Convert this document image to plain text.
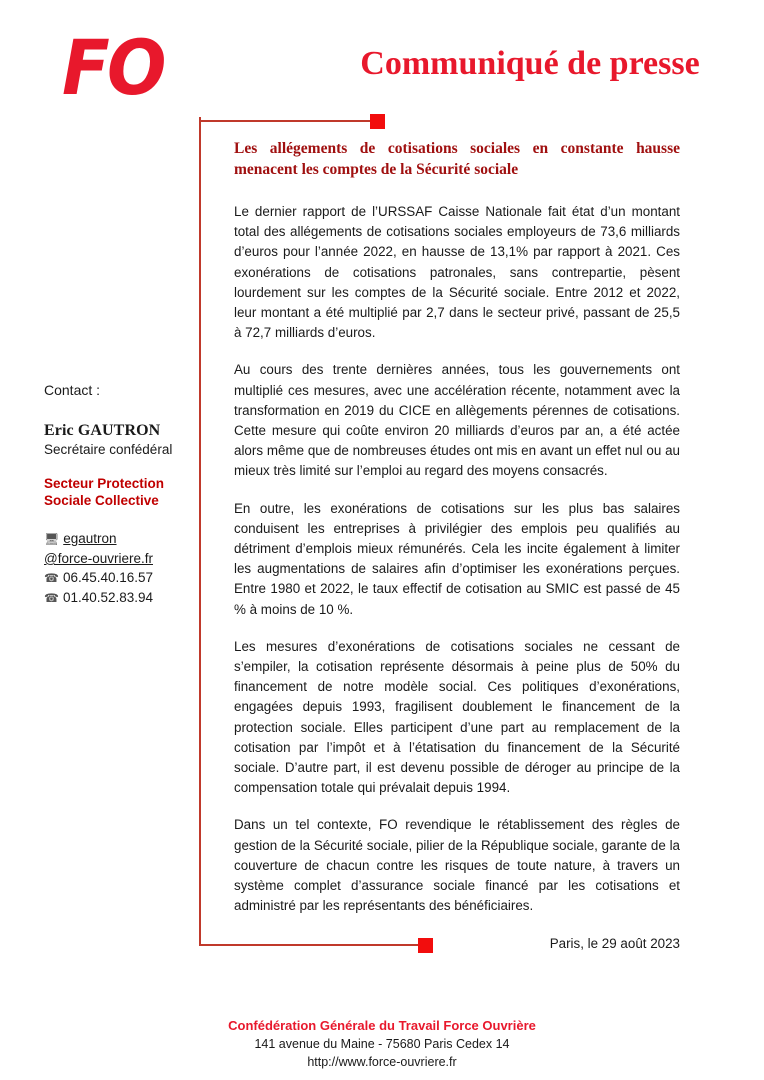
FO	Communiqué de presse
Contact :
Eric GAUTRON
Secrétaire confédéral
Secteur Protection
Sociale Collective
🖥 egautron
@force-ouvriere.fr
☎ 06.45.40.16.57
☎ 01.40.52.83.94
Les allégements de cotisations sociales en constante hausse menacent les comptes de la Sécurité sociale
Le dernier rapport de l’URSSAF Caisse Nationale fait état d’un montant total des allégements de cotisations sociales employeurs de 73,6 milliards d’euros pour l’année 2022, en hausse de 13,1% par rapport à 2021. Ces exonérations de cotisations patronales, sans contrepartie, pèsent lourdement sur les comptes de la Sécurité sociale. Entre 2012 et 2022, leur montant a été multiplié par 2,7 dans le secteur privé, passant de 25,5 à 72,7 milliards d’euros.
Au cours des trente dernières années, tous les gouvernements ont multiplié ces mesures, avec une accélération récente, notamment avec la transformation en 2019 du CICE en allègements pérennes de cotisations. Cette mesure qui coûte environ 20 milliards d’euros par an, a été actée alors même que de nombreuses études ont mis en avant un effet nul ou au mieux très limité sur l’emploi au regard des moyens consacrés.
En outre, les exonérations de cotisations sur les plus bas salaires conduisent les entreprises à privilégier des emplois peu qualifiés au détriment d’emplois mieux rémunérés. Cela les incite également à limiter les augmentations de salaires afin d’optimiser les exonérations perçues. Entre 1980 et 2022, le taux effectif de cotisation au SMIC est passé de 45 % à moins de 10 %.
Les mesures d’exonérations de cotisations sociales ne cessant de s’empiler, la cotisation représente désormais à peine plus de 50% du financement de notre modèle social. Ces politiques d’exonérations, engagées depuis 1993, fragilisent doublement le financement de la protection sociale. Elles participent d’une part au remplacement de la cotisation par l’impôt et à l’étatisation du financement de la Sécurité sociale. D’autre part, il est devenu possible de déroger au principe de la compensation totale qui prévalait depuis 1994.
Dans un tel contexte, FO revendique le rétablissement des règles de gestion de la Sécurité sociale, pilier de la République sociale, garante de la couverture de chacun contre les risques de toute nature, à travers un système complet d’assurance sociale financé par les cotisations et administré par les représentants des bénéficiaires.
Paris, le 29 août 2023
Confédération Générale du Travail Force Ouvrière
141 avenue du Maine - 75680 Paris Cedex 14
http://www.force-ouvriere.fr
